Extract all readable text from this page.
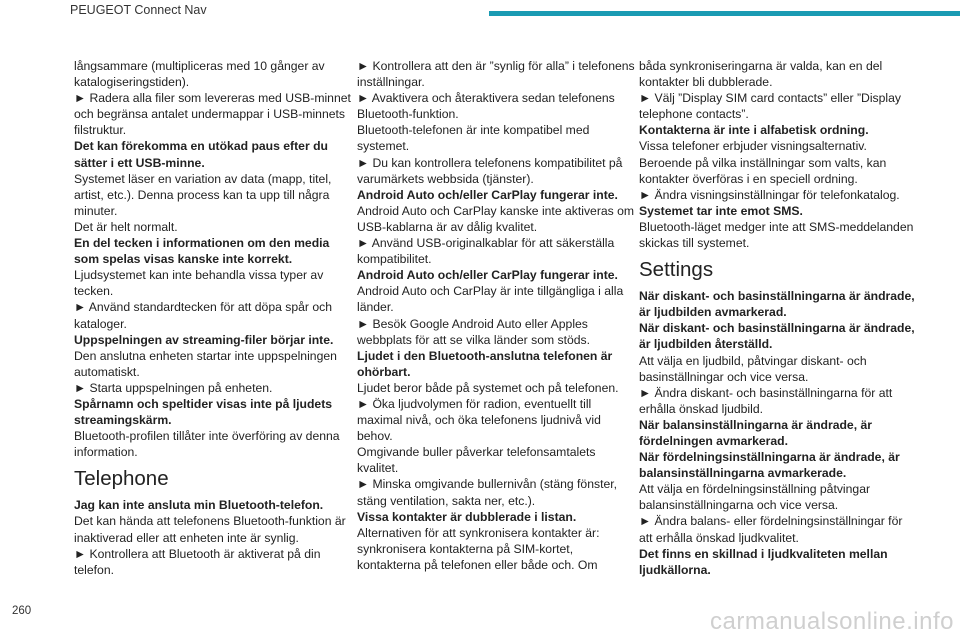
PEUGEOT Connect Nav

långsammare (multipliceras med 10 gånger av katalogiseringstiden).

► Radera alla filer som levereras med USB-minnet och begränsa antalet undermappar i USB-minnets filstruktur.

Det kan förekomma en utökad paus efter du sätter i ett USB-minne.

Systemet läser en variation av data (mapp, titel, artist, etc.). Denna process kan ta upp till några minuter.

Det är helt normalt.

En del tecken i informationen om den media som spelas visas kanske inte korrekt.

Ljudsystemet kan inte behandla vissa typer av tecken.

► Använd standardtecken för att döpa spår och kataloger.

Uppspelningen av streaming-filer börjar inte.

Den anslutna enheten startar inte uppspelningen automatiskt.

► Starta uppspelningen på enheten.

Spårnamn och speltider visas inte på ljudets streamingskärm.

Bluetooth-profilen tillåter inte överföring av denna information.

Telephone

Jag kan inte ansluta min Bluetooth-telefon.

Det kan hända att telefonens Bluetooth-funktion är inaktiverad eller att enheten inte är synlig.

► Kontrollera att Bluetooth är aktiverat på din telefon.

► Kontrollera att den är ”synlig för alla” i telefonens inställningar.

► Avaktivera och återaktivera sedan telefonens Bluetooth-funktion.

Bluetooth-telefonen är inte kompatibel med systemet.

► Du kan kontrollera telefonens kompatibilitet på varumärkets webbsida (tjänster).

Android Auto och/eller CarPlay fungerar inte.

Android Auto och CarPlay kanske inte aktiveras om USB-kablarna är av dålig kvalitet.

► Använd USB-originalkablar för att säkerställa kompatibilitet.

Android Auto och/eller CarPlay fungerar inte.

Android Auto och CarPlay är inte tillgängliga i alla länder.

► Besök Google Android Auto eller Apples webbplats för att se vilka länder som stöds.

Ljudet i den Bluetooth-anslutna telefonen är ohörbart.

Ljudet beror både på systemet och på telefonen.

► Öka ljudvolymen för radion, eventuellt till maximal nivå, och öka telefonens ljudnivå vid behov.

Omgivande buller påverkar telefonsamtalets kvalitet.

► Minska omgivande bullernivån (stäng fönster, stäng ventilation, sakta ner, etc.).

Vissa kontakter är dubblerade i listan.

Alternativen för att synkronisera kontakter är: synkronisera kontakterna på SIM-kortet, kontakterna på telefonen eller både och. Om

båda synkroniseringarna är valda, kan en del kontakter bli dubblerade.

► Välj ”Display SIM card contacts” eller ”Display telephone contacts”.

Kontakterna är inte i alfabetisk ordning.

Vissa telefoner erbjuder visningsalternativ. Beroende på vilka inställningar som valts, kan kontakter överföras i en speciell ordning.

► Ändra visningsinställningar för telefonkatalog.

Systemet tar inte emot SMS.

Bluetooth-läget medger inte att SMS-meddelanden skickas till systemet.

Settings

När diskant- och basinställningarna är ändrade, är ljudbilden avmarkerad.

När diskant- och basinställningarna är ändrade, är ljudbilden återställd.

Att välja en ljudbild, påtvingar diskant- och basinställningar och vice versa.

► Ändra diskant- och basinställningarna för att erhålla önskad ljudbild.

När balansinställningarna är ändrade, är fördelningen avmarkerad.

När fördelningsinställningarna är ändrade, är balansinställningarna avmarkerade.

Att välja en fördelningsinställning påtvingar balansinställningarna och vice versa.

► Ändra balans- eller fördelningsinställningar för att erhålla önskad ljudkvalitet.

Det finns en skillnad i ljudkvaliteten mellan ljudkällorna.

260	carmanualsonline.info
